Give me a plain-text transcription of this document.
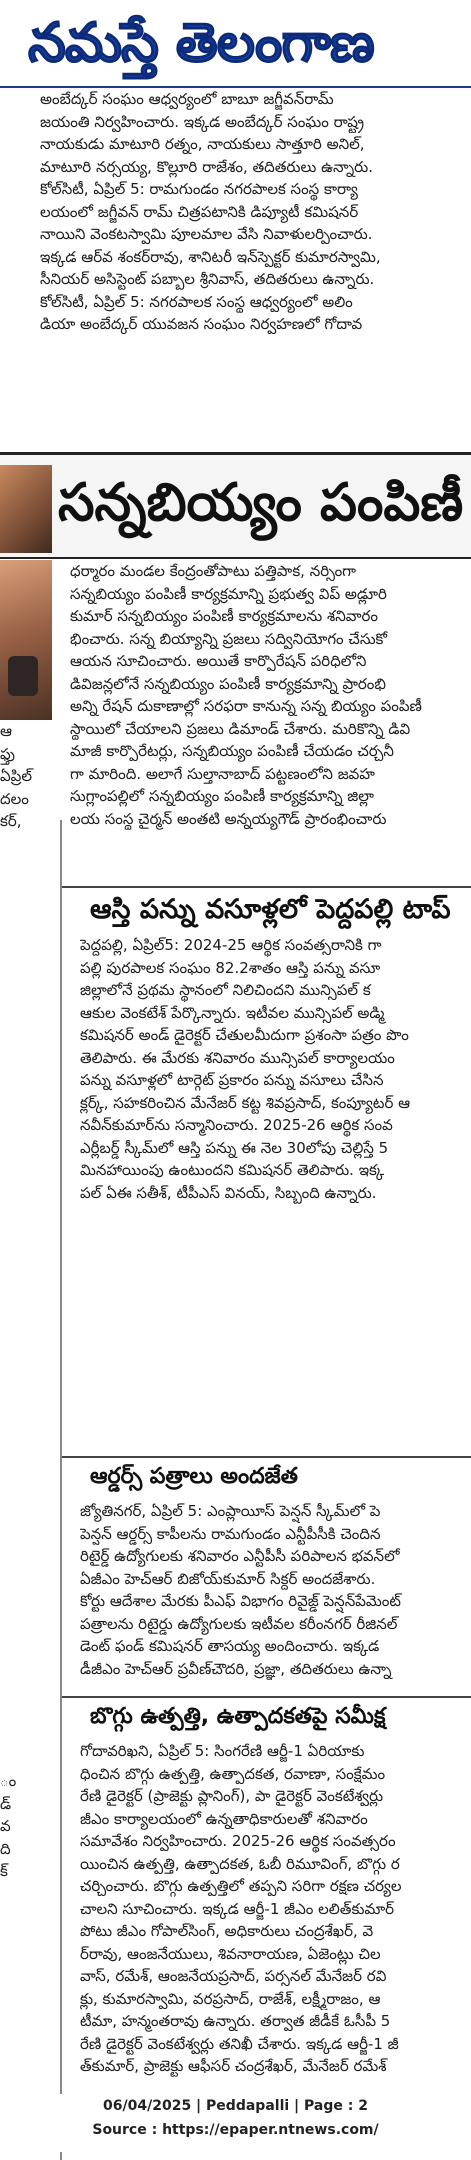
నమస్తే తెలంగాణ

అంబేద్కర్ సంఘం ఆధ్వర్యంలో బాబూ జగ్జీవన్‌రామ్

జయంతి నిర్వహించారు. ఇక్కడ అంబేద్కర్ సంఘం రాష్ట్ర

నాయకుడు మాటూరి రత్నం, నాయకులు సాత్తూరి అనిల్,

మాటూరి నర్సయ్య, కొల్లూరి రాజేశం, తదితరులు ఉన్నారు.

కోల్‌సిటీ, ఏప్రిల్ 5: రామగుండం నగరపాలక సంస్థ కార్యా

లయంలో జగ్జీవన్ రామ్ చిత్రపటానికి డిప్యూటీ కమిషనర్

నాయిని వెంకటస్వామి పూలమాల వేసి నివాళులర్పించారు.

ఇక్కడ ఆర్‌వ శంకర్‌రావు, శానిటరీ ఇన్‌స్పెక్టర్ కుమారస్వామి,

సీనియర్ అసిస్టెంట్ పబ్బాల శ్రీనివాస్, తదితరులు ఉన్నారు.

కోల్‌సిటీ, ఏప్రిల్ 5: నగరపాలక సంస్థ ఆధ్వర్యంలో అలిం

డియా అంబేద్కర్ యువజన సంఘం నిర్వహణలో గోదావ

సన్నబియ్యం పంపిణీ

ధర్మారం మండల కేంద్రంతోపాటు పత్తిపాక, నర్సింగా

సన్నబియ్యం పంపిణీ కార్యక్రమాన్ని ప్రభుత్వ విప్ అడ్లూరి

కుమార్ సన్నబియ్యం పంపిణీ కార్యక్రమాలను శనివారం

భించారు. సన్న బియ్యాన్ని ప్రజలు సద్వినియోగం చేసుకో

ఆయన సూచించారు. అయితే కార్పొరేషన్ పరిధిలోని

డివిజన్లలోనే సన్నబియ్యం పంపిణీ కార్యక్రమాన్ని ప్రారంభి

అన్ని రేషన్ దుకాణాల్లో సరఫరా కానున్న సన్న బియ్యం పంపిణీ

స్థాయిలో చేయాలని ప్రజలు డిమాండ్ చేశారు. మరికొన్ని డివి

మాజీ కార్పొరేటర్లు, సన్నబియ్యం పంపిణీ చేయడం చర్చనీ

గా మారింది. అలాగే సుల్తానాబాద్ పట్టణంలోని జవహ

సుగ్లాంపల్లిలో సన్నబియ్యం పంపిణీ కార్యక్రమాన్ని జిల్లా

లయ సంస్థ చైర్మన్ అంతటి అన్నయ్యగౌడ్ ప్రారంభించారు

ఆ

ఫ్తు

ఏప్రిల్

దలం

కర్,

ం

డ్

వ

ది

క్

ఆస్తి పన్ను వసూళ్లలో పెద్దపల్లి టాప్

పెద్దపల్లి, ఏప్రిల్5: 2024-25 ఆర్థిక సంవత్సరానికి గా

పల్లి పురపాలక సంఘం 82.2శాతం ఆస్తి పన్ను వసూ

జిల్లాలోనే ప్రథమ స్థానంలో నిలిచిందని మున్సిపల్ క

ఆకుల వెంకటేశ్ పేర్కొన్నారు. ఇటీవల మున్సిపల్ అడ్మి

కమిషనర్ అండ్ డైరెక్టర్ చేతులమీదుగా ప్రశంసా పత్రం పొం

తెలిపారు. ఈ మేరకు శనివారం మున్సిపల్ కార్యాలయం

పన్ను వసూళ్లలో టార్గెట్ ప్రకారం పన్ను వసూలు చేసిన

క్లర్క్, సహకరించిన మేనేజర్ కట్ట శివప్రసాద్, కంప్యూటర్ ఆ

నవీన్‌కుమార్‌ను సన్మానించారు. 2025-26 ఆర్థిక సంవ

ఎర్లీబర్డ్ స్కీమ్‌లో ఆస్తి పన్ను ఈ నెల 30లోపు చెల్లిస్తే 5

మినహాయింపు ఉంటుందని కమిషనర్ తెలిపారు. ఇక్క

పల్ ఏఈ సతీశ్, టీపీఎస్ వినయ్, సిబ్బంది ఉన్నారు.

ఆర్డర్స్ పత్రాలు అందజేత

జ్యోతినగర్, ఏప్రిల్ 5: ఎంప్లాయీస్ పెన్షన్ స్కీమ్‌లో పె

పెన్షన్ ఆర్డర్స్ కాపీలను రామగుండం ఎన్టీపీసీకి చెందిన

రిటైర్డ్ ఉద్యోగులకు శనివారం ఎన్టీపీసీ పరిపాలన భవన్‌లో

ఏజీఎం హెచ్‌ఆర్ బిజోయ్‌కుమార్ సిక్దర్ అందజేశారు.

కోర్టు ఆదేశాల మేరకు పీఎఫ్ విభాగం రివైజ్డ్ పెన్షన్‌పేమెంట్

పత్రాలను రిటైర్డు ఉద్యోగులకు ఇటీవల కరీంనగర్ రీజినల్

డెంట్ ఫండ్ కమిషనర్ తాసయ్య అందించారు. ఇక్కడ

డీజీఎం హెచ్‌ఆర్ ప్రవీణ్‌చౌదరి, ప్రజ్ఞా, తదితరులు ఉన్నా

బొగ్గు ఉత్పత్తి, ఉత్పాదకతపై సమీక్ష

గోదావరిఖని, ఏప్రిల్ 5: సింగరేణి ఆర్జీ-1 ఏరియాకు

ధించిన బొగ్గు ఉత్పత్తి, ఉత్పాదకత, రవాణా, సంక్షేమం

రేణి డైరెక్టర్ (ప్రాజెక్టు ప్లానింగ్), పా డైరెక్టర్ వెంకటేశ్వర్లు

జీఎం కార్యాలయంలో ఉన్నతాధికారులతో శనివారం

సమావేశం నిర్వహించారు. 2025-26 ఆర్థిక సంవత్సరం

యించిన ఉత్పత్తి, ఉత్పాదకత, ఓబీ రిమూవింగ్, బొగ్గు ర

చర్చించారు. బొగ్గు ఉత్పత్తిలో తప్పని సరిగా రక్షణ చర్యల

చాలని సూచించారు. ఇక్కడ ఆర్జీ-1 జీఎం లలిత్‌కుమార్

పోటు జీఎం గోపాల్‌సింగ్, అధికారులు చంద్రశేఖర్, వె

ర్‌రావు, ఆంజనేయులు, శివనారాయణ, ఏజెంట్లు చిల

వాస్, రమేశ్, ఆంజనేయప్రసాద్, పర్సనల్ మేనేజర్ రవి

క్లు, కుమారస్వామి, వరప్రసాద్, రాజేశ్, లక్ష్మీరాజం, ఆ

టీమా, హన్మంతరావు ఉన్నారు. తర్వాత జీడీకే ఓసీపీ 5

రేణి డైరెక్టర్ వెంకటేశ్వర్లు తనిఖీ చేశారు. ఇక్కడ ఆర్జీ-1 జీ

త్‌కుమార్, ప్రాజెక్టు ఆఫీసర్ చంద్రశేఖర్, మేనేజర్ రమేశ్

06/04/2025 | Peddapalli | Page : 2
Source : https://epaper.ntnews.com/
